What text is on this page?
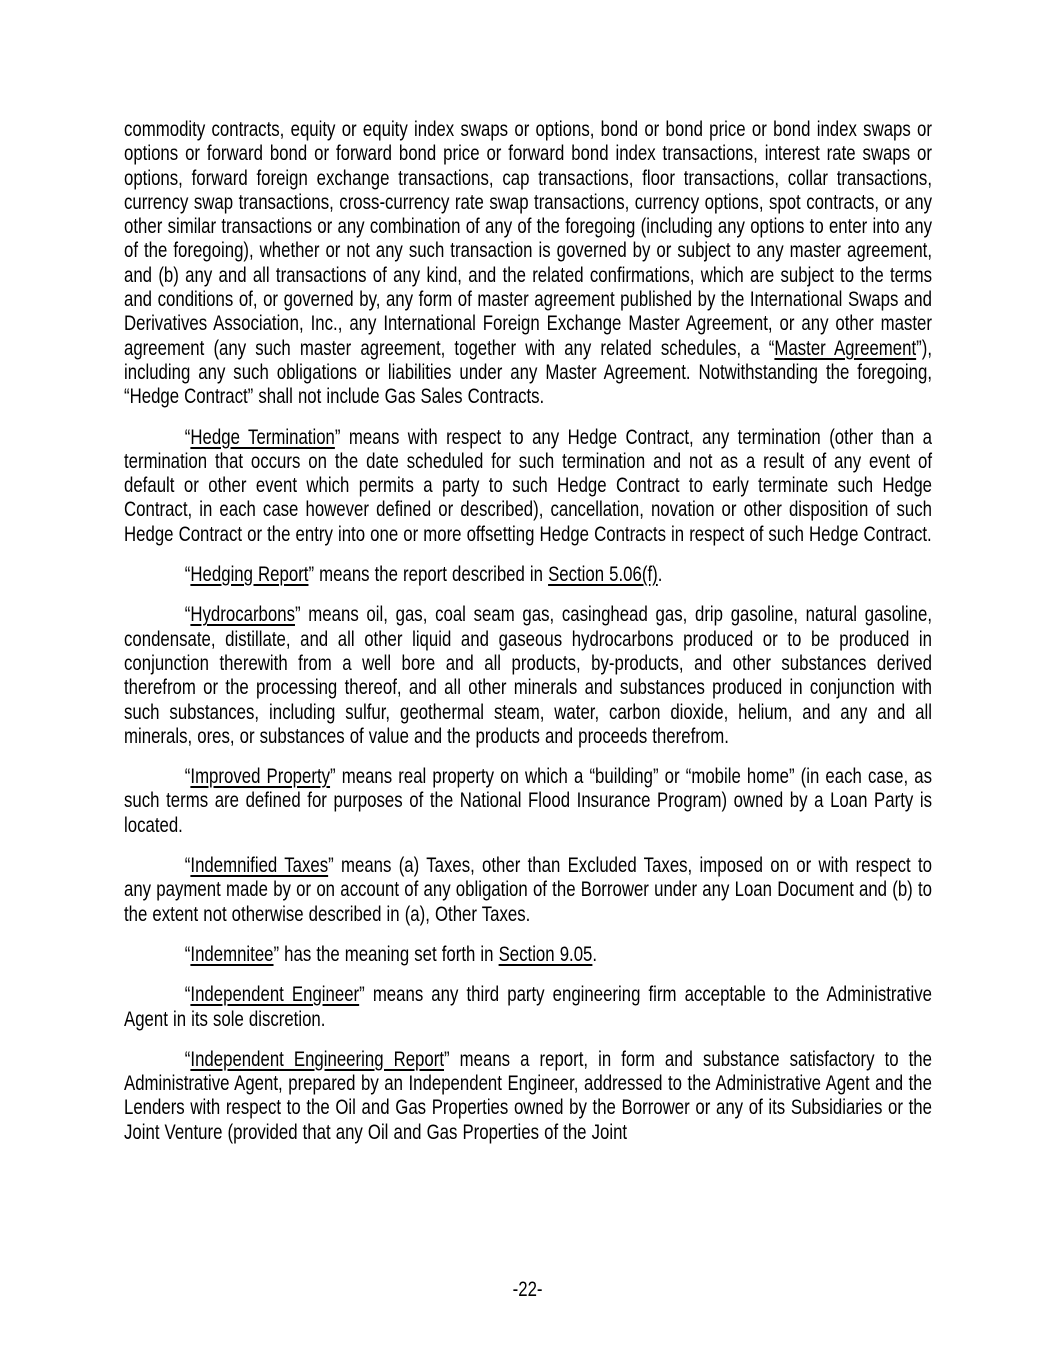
commodity contracts, equity or equity index swaps or options, bond or bond price or bond index swaps or options or forward bond or forward bond price or forward bond index transactions, interest rate swaps or options, forward foreign exchange transactions, cap transactions, floor transactions, collar transactions, currency swap transactions, cross-currency rate swap transactions, currency options, spot contracts, or any other similar transactions or any combination of any of the foregoing (including any options to enter into any of the foregoing), whether or not any such transaction is governed by or subject to any master agreement, and (b) any and all transactions of any kind, and the related confirmations, which are subject to the terms and conditions of, or governed by, any form of master agreement published by the International Swaps and Derivatives Association, Inc., any International Foreign Exchange Master Agreement, or any other master agreement (any such master agreement, together with any related schedules, a “Master Agreement”), including any such obligations or liabilities under any Master Agreement. Notwithstanding the foregoing, “Hedge Contract” shall not include Gas Sales Contracts.

“Hedge Termination” means with respect to any Hedge Contract, any termination (other than a termination that occurs on the date scheduled for such termination and not as a result of any event of default or other event which permits a party to such Hedge Contract to early terminate such Hedge Contract, in each case however defined or described), cancellation, novation or other disposition of such Hedge Contract or the entry into one or more offsetting Hedge Contracts in respect of such Hedge Contract.

“Hedging Report” means the report described in Section 5.06(f).

“Hydrocarbons” means oil, gas, coal seam gas, casinghead gas, drip gasoline, natural gasoline, condensate, distillate, and all other liquid and gaseous hydrocarbons produced or to be produced in conjunction therewith from a well bore and all products, by-products, and other substances derived therefrom or the processing thereof, and all other minerals and substances produced in conjunction with such substances, including sulfur, geothermal steam, water, carbon dioxide, helium, and any and all minerals, ores, or substances of value and the products and proceeds therefrom.

“Improved Property” means real property on which a “building” or “mobile home” (in each case, as such terms are defined for purposes of the National Flood Insurance Program) owned by a Loan Party is located.

“Indemnified Taxes” means (a) Taxes, other than Excluded Taxes, imposed on or with respect to any payment made by or on account of any obligation of the Borrower under any Loan Document and (b) to the extent not otherwise described in (a), Other Taxes.

“Indemnitee” has the meaning set forth in Section 9.05.

“Independent Engineer” means any third party engineering firm acceptable to the Administrative Agent in its sole discretion.

“Independent Engineering Report” means a report, in form and substance satisfactory to the Administrative Agent, prepared by an Independent Engineer, addressed to the Administrative Agent and the Lenders with respect to the Oil and Gas Properties owned by the Borrower or any of its Subsidiaries or the Joint Venture (provided that any Oil and Gas Properties of the Joint

-22-
